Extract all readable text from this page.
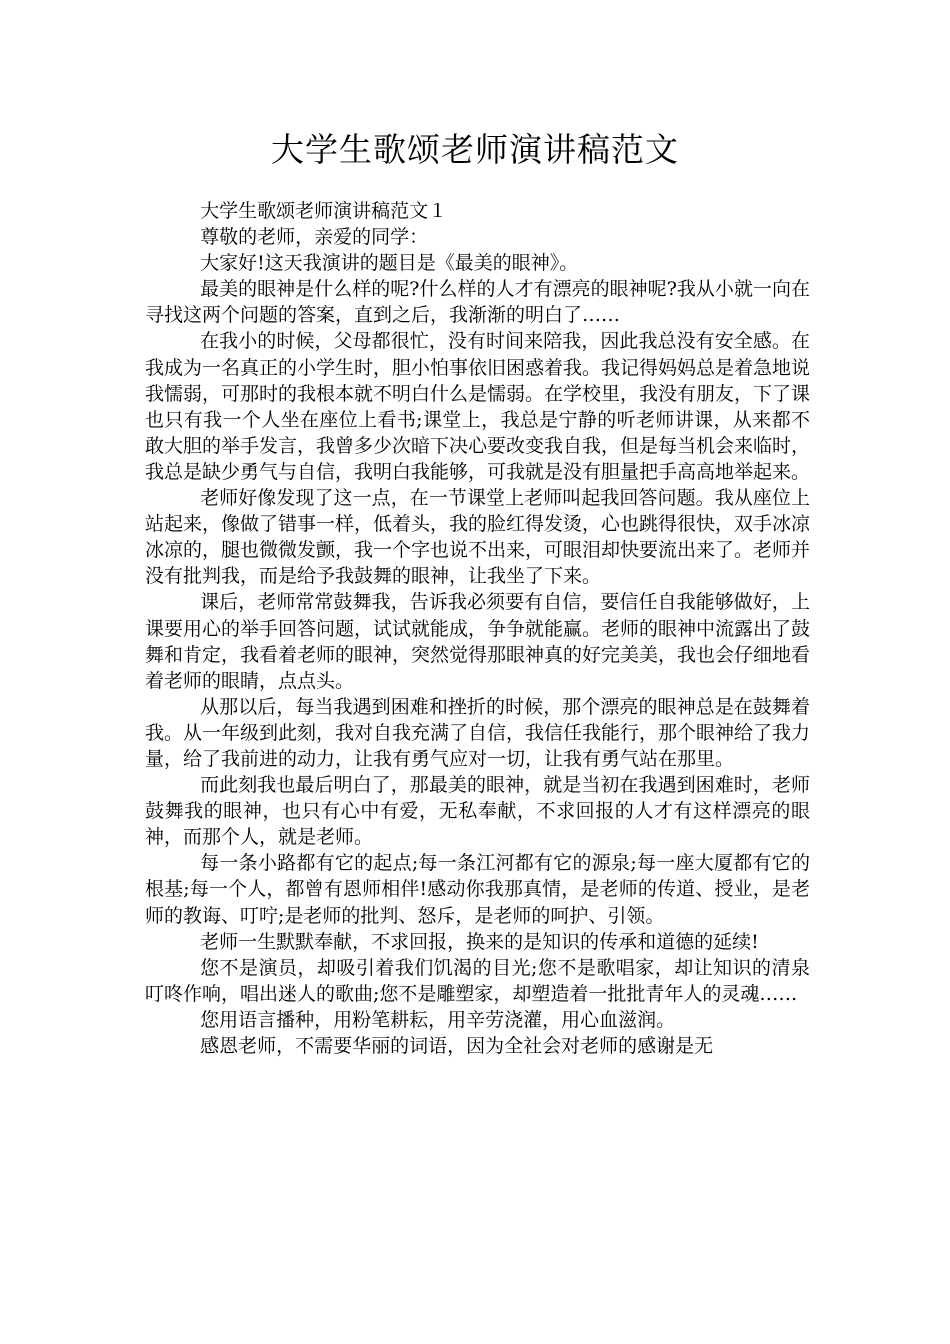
大学生歌颂老师演讲稿范文

大学生歌颂老师演讲稿范文１

尊敬的老师，亲爱的同学：

大家好!这天我演讲的题目是《最美的眼神》。

最美的眼神是什么样的呢?什么样的人才有漂亮的眼神呢?我从小就一向在寻找这两个问题的答案，直到之后，我渐渐的明白了……

在我小的时候，父母都很忙，没有时间来陪我，因此我总没有安全感。在我成为一名真正的小学生时，胆小怕事依旧困惑着我。我记得妈妈总是着急地说我懦弱，可那时的我根本就不明白什么是懦弱。在学校里，我没有朋友，下了课也只有我一个人坐在座位上看书;课堂上，我总是宁静的听老师讲课，从来都不敢大胆的举手发言，我曾多少次暗下决心要改变我自我，但是每当机会来临时，我总是缺少勇气与自信，我明白我能够，可我就是没有胆量把手高高地举起来。

老师好像发现了这一点，在一节课堂上老师叫起我回答问题。我从座位上站起来，像做了错事一样，低着头，我的脸红得发烫，心也跳得很快，双手冰凉冰凉的，腿也微微发颤，我一个字也说不出来，可眼泪却快要流出来了。老师并没有批判我，而是给予我鼓舞的眼神，让我坐了下来。

课后，老师常常鼓舞我，告诉我必须要有自信，要信任自我能够做好，上课要用心的举手回答问题，试试就能成，争争就能赢。老师的眼神中流露出了鼓舞和肯定，我看着老师的眼神，突然觉得那眼神真的好完美美，我也会仔细地看着老师的眼睛，点点头。

从那以后，每当我遇到困难和挫折的时候，那个漂亮的眼神总是在鼓舞着我。从一年级到此刻，我对自我充满了自信，我信任我能行，那个眼神给了我力量，给了我前进的动力，让我有勇气应对一切，让我有勇气站在那里。

而此刻我也最后明白了，那最美的眼神，就是当初在我遇到困难时，老师鼓舞我的眼神，也只有心中有爱，无私奉献，不求回报的人才有这样漂亮的眼神，而那个人，就是老师。

每一条小路都有它的起点;每一条江河都有它的源泉;每一座大厦都有它的根基;每一个人，都曾有恩师相伴!感动你我那真情，是老师的传道、授业，是老师的教诲、叮咛;是老师的批判、怒斥，是老师的呵护、引领。

老师一生默默奉献，不求回报，换来的是知识的传承和道德的延续!

您不是演员，却吸引着我们饥渴的目光;您不是歌唱家，却让知识的清泉叮咚作响，唱出迷人的歌曲;您不是雕塑家，却塑造着一批批青年人的灵魂……

您用语言播种，用粉笔耕耘，用辛劳浇灌，用心血滋润。

感恩老师，不需要华丽的词语，因为全社会对老师的感谢是无
